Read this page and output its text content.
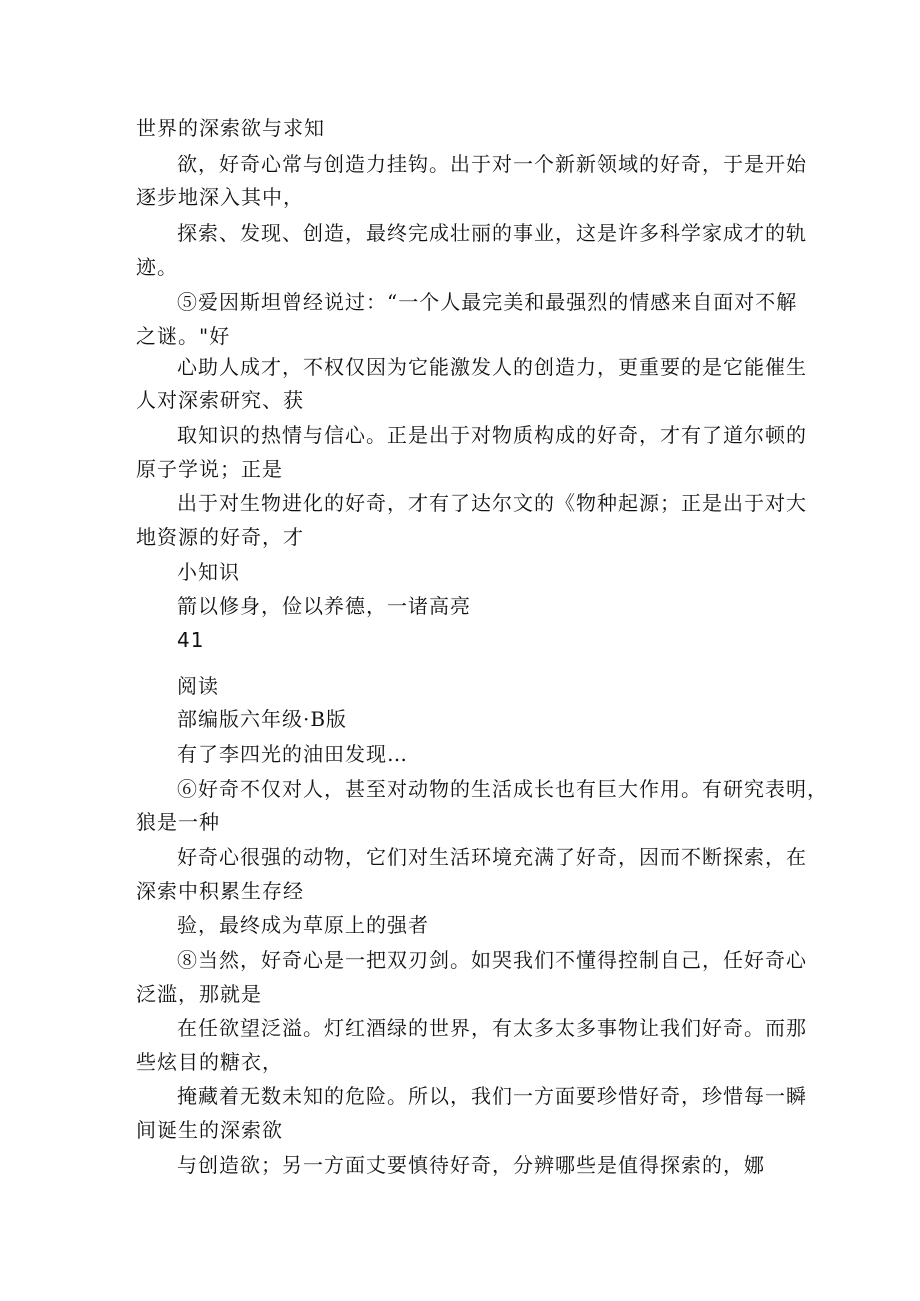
世界的深索欲与求知
欲，好奇心常与创造力挂钩。出于对一个新新领域的好奇，于是开始
逐步地深入其中，
探索、发现、创造，最终完成壮丽的事业，这是许多科学家成才的轨
迹。
⑤爱因斯坦曾经说过：“一个人最完美和最强烈的情感来自面对不解
之谜。"好
心助人成才，不权仅因为它能激发人的创造力，更重要的是它能催生
人对深索研究、获
取知识的热情与信心。正是出于对物质构成的好奇，才有了道尔顿的
原子学说；正是
出于对生物进化的好奇，才有了达尔文的《物种起源；正是出于对大
地资源的好奇，才
小知识
箭以修身，俭以养德，一诸高亮
41
阅读
部编版六年级·B版
有了李四光的油田发现…
⑥好奇不仅对人，甚至对动物的生活成长也有巨大作用。有研究表明，
狼是一种
好奇心很强的动物，它们对生活环境充满了好奇，因而不断探索，在
深索中积累生存经
验，最终成为草原上的强者
⑧当然，好奇心是一把双刃剑。如哭我们不懂得控制自己，任好奇心
泛滥，那就是
在任欲望泛溢。灯红酒绿的世界，有太多太多事物让我们好奇。而那
些炫目的糖衣，
掩藏着无数未知的危险。所以，我们一方面要珍惜好奇，珍惜每一瞬
间诞生的深索欲
与创造欲；另一方面丈要慎待好奇，分辨哪些是值得探索的，娜
